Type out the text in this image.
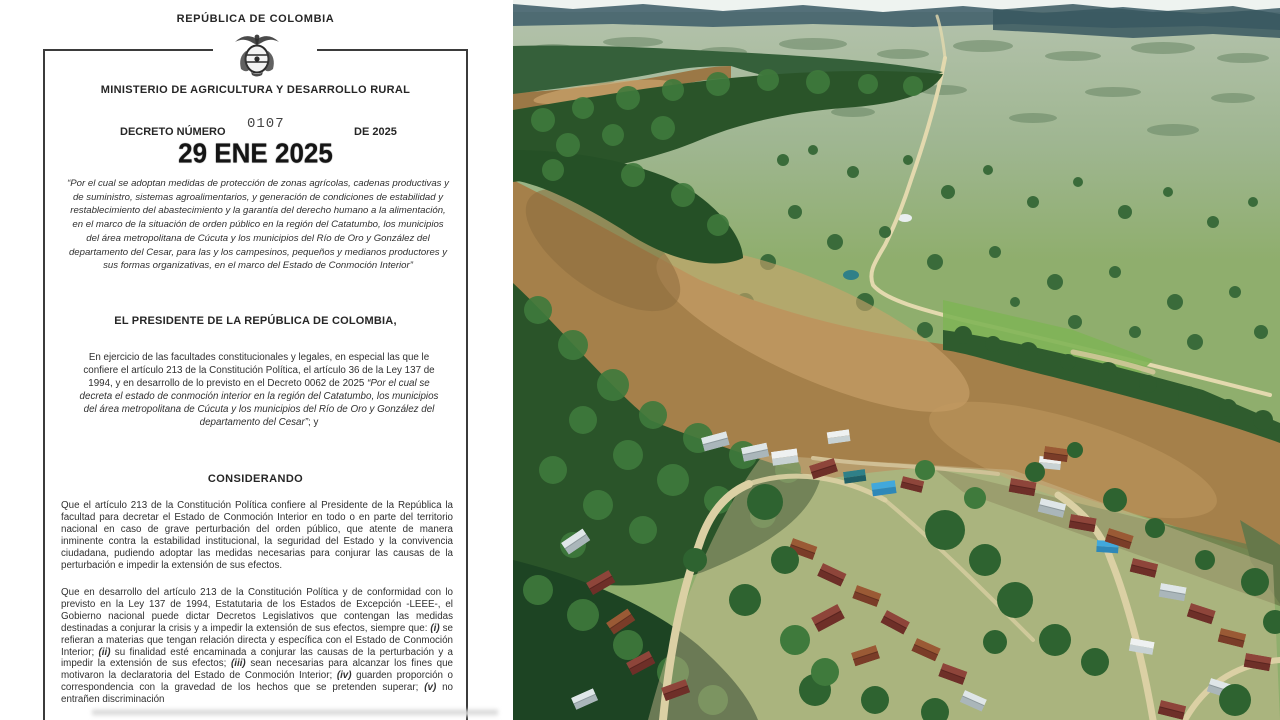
REPÚBLICA DE COLOMBIA
MINISTERIO DE AGRICULTURA Y DESARROLLO RURAL
DECRETO NÚMERO 0107	DE 2025
29 ENE 2025
“Por el cual se adoptan medidas de protección de zonas agrícolas, cadenas productivas y de suministro, sistemas agroalimentarios, y generación de condiciones de estabilidad y restablecimiento del abastecimiento y la garantía del derecho humano a la alimentación, en el marco de la situación de orden público en la región del Catatumbo, los municipios del área metropolitana de Cúcuta y los municipios del Río de Oro y González del departamento del Cesar, para las y los campesinos, pequeños y medianos productores y sus formas organizativas, en el marco del Estado de Conmoción Interior”
EL PRESIDENTE DE LA REPÚBLICA DE COLOMBIA,
En ejercicio de las facultades constitucionales y legales, en especial las que le confiere el artículo 213 de la Constitución Política, el artículo 36 de la Ley 137 de 1994, y en desarrollo de lo previsto en el Decreto 0062 de 2025 “Por el cual se decreta el estado de conmoción interior en la región del Catatumbo, los municipios del área metropolitana de Cúcuta y los municipios del Río de Oro y González del departamento del Cesar”; y
CONSIDERANDO
Que el artículo 213 de la Constitución Política confiere al Presidente de la República la facultad para decretar el Estado de Conmoción Interior en todo o en parte del territorio nacional en caso de grave perturbación del orden público, que atente de manera inminente contra la estabilidad institucional, la seguridad del Estado y la convivencia ciudadana, pudiendo adoptar las medidas necesarias para conjurar las causas de la perturbación e impedir la extensión de sus efectos.
Que en desarrollo del artículo 213 de la Constitución Política y de conformidad con lo previsto en la Ley 137 de 1994, Estatutaria de los Estados de Excepción -LEEE-, el Gobierno nacional puede dictar Decretos Legislativos que contengan las medidas destinadas a conjurar la crisis y a impedir la extensión de sus efectos, siempre que: (i) se refieran a materias que tengan relación directa y específica con el Estado de Conmoción Interior; (ii) su finalidad esté encaminada a conjurar las causas de la perturbación y a impedir la extensión de sus efectos; (iii) sean necesarias para alcanzar los fines que motivaron la declaratoria del Estado de Conmoción Interior; (iv) guarden proporción o correspondencia con la gravedad de los hechos que se pretenden superar; (v) no entrañen discriminación
